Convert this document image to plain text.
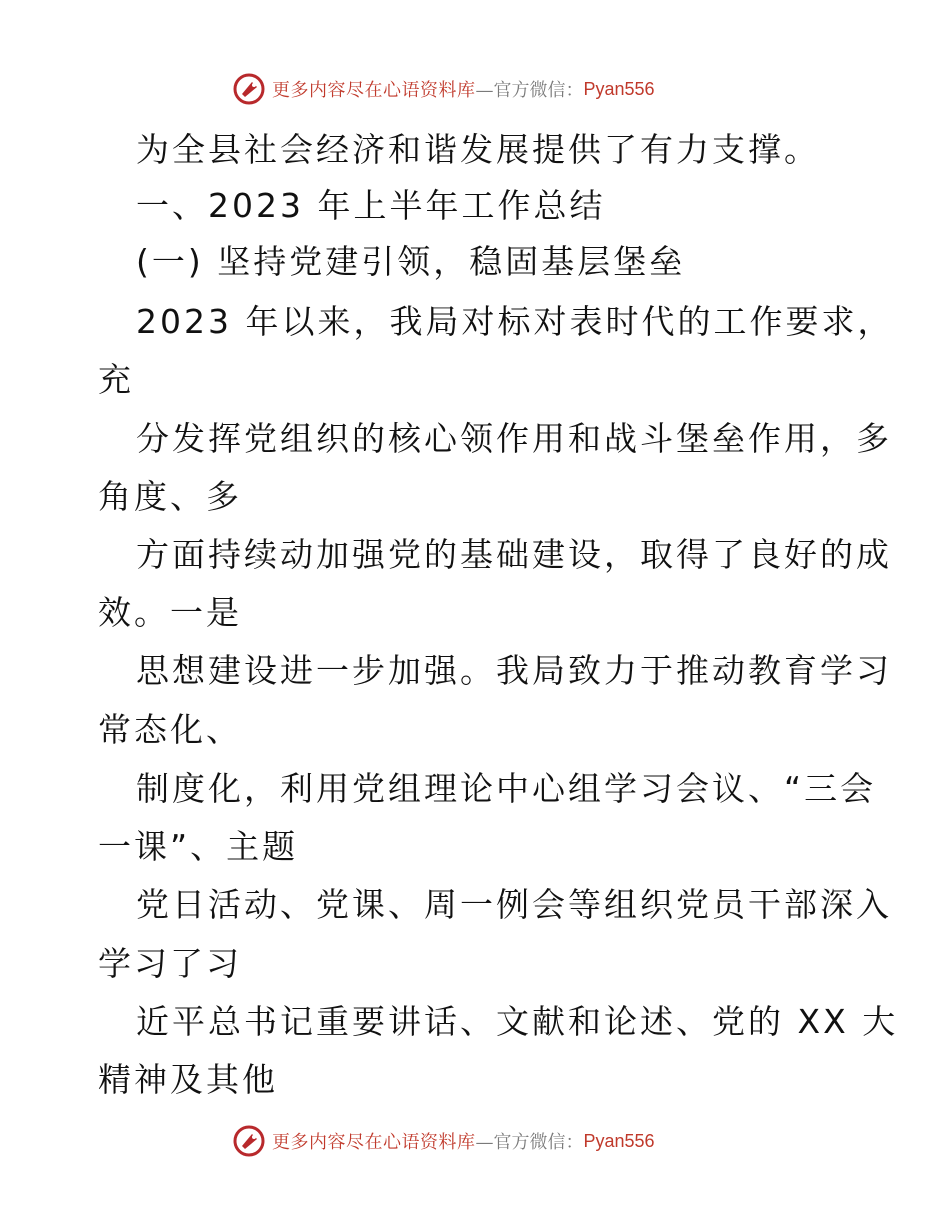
更多内容尽在心语资料库 —官方微信： Pyan556
为全县社会经济和谐发展提供了有力支撑。
一、2023 年上半年工作总结
(一) 坚持党建引领，稳固基层堡垒
2023 年以来，我局对标对表时代的工作要求，
充
分发挥党组织的核心领作用和战斗堡垒作用，多
角度、多
方面持续动加强党的基础建设，取得了良好的成
效。一是
思想建设进一步加强。我局致力于推动教育学习
常态化、
制度化，利用党组理论中心组学习会议、“三会
一课”、主题
党日活动、党课、周一例会等组织党员干部深入
学习了习
近平总书记重要讲话、文献和论述、党的 XX 大
精神及其他
更多内容尽在心语资料库 —官方微信： Pyan556
